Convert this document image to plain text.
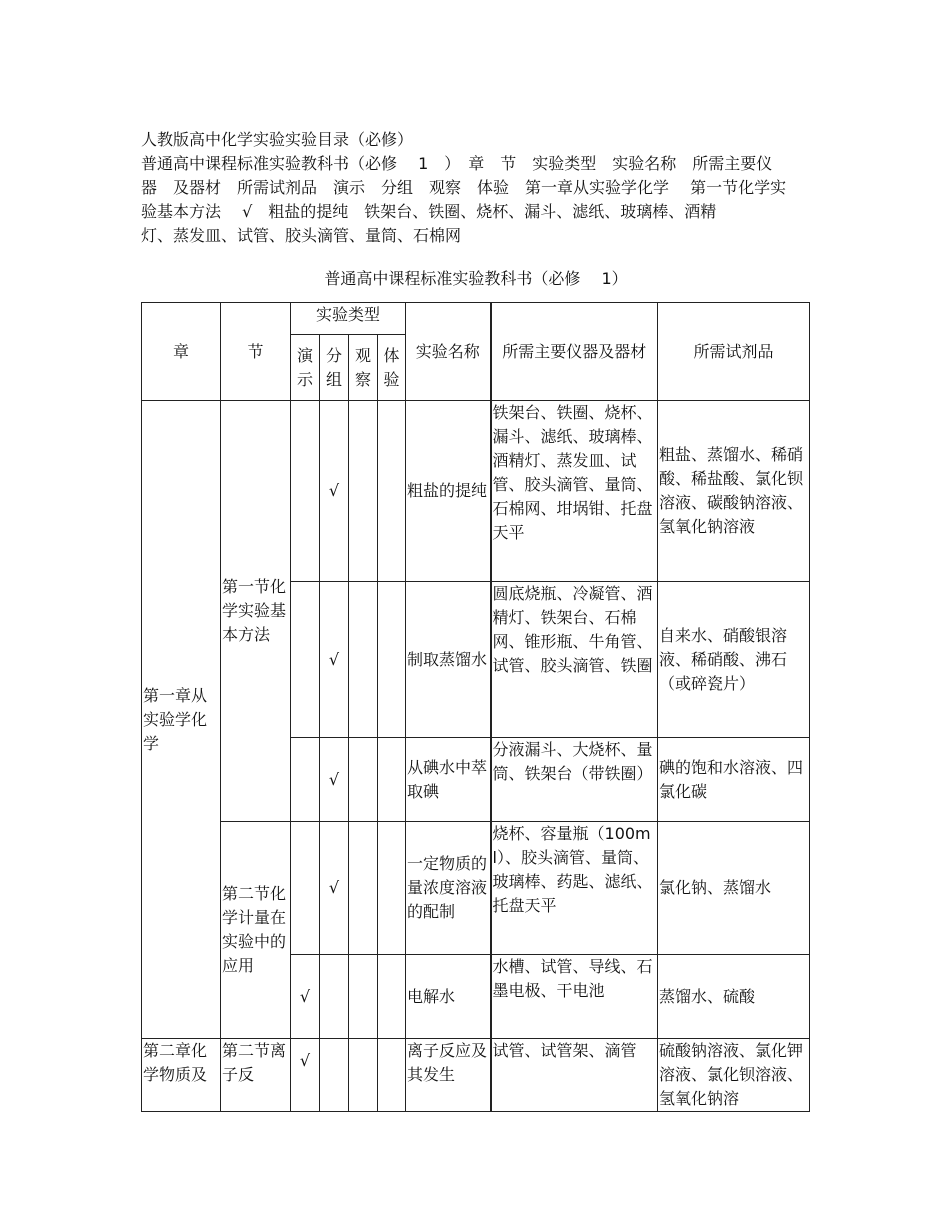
人教版高中化学实验实验目录（必修）
普通高中课程标准实验教科书（必修　 1　）　章　节　实验类型　实验名称　所需主要仪
器　及器材　所需试剂品　演示　分组　观察　体验　第一章从实验学化学　 第一节化学实
验基本方法　 √　粗盐的提纯　铁架台、铁圈、烧杯、漏斗、滤纸、玻璃棒、酒精
灯、蒸发皿、试管、胶头滴管、量筒、石棉网
普通高中课程标准实验教科书（必修　 1）
章	节	实验类型				实验名称	所需主要仪器及器材	所需试剂品
		演示	分组	观察	体验			
第一章从实验学化学	第一节化学实验基本方法		√			粗盐的提纯	铁架台、铁圈、烧杯、漏斗、滤纸、玻璃棒、酒精灯、蒸发皿、试管、胶头滴管、量筒、石棉网、坩埚钳、托盘天平	粗盐、蒸馏水、稀硝酸、稀盐酸、氯化钡溶液、碳酸钠溶液、氢氧化钠溶液
			√			制取蒸馏水	圆底烧瓶、冷凝管、酒精灯、铁架台、石棉网、锥形瓶、牛角管、试管、胶头滴管、铁圈	自来水、硝酸银溶液、稀硝酸、沸石（或碎瓷片）
			√			从碘水中萃取碘	分液漏斗、大烧杯、量筒、铁架台（带铁圈）	碘的饱和水溶液、四氯化碳
	第二节化学计量在实验中的应用		√			一定物质的量浓度溶液的配制	烧杯、容量瓶（100ml）、胶头滴管、量筒、玻璃棒、药匙、滤纸、托盘天平	氯化钠、蒸馏水
		√				电解水	水槽、试管、导线、石墨电极、干电池	蒸馏水、硫酸
第二章化学物质及	第二节离子反	√				离子反应及其发生	试管、试管架、滴管	硫酸钠溶液、氯化钾溶液、氯化钡溶液、氢氧化钠溶
